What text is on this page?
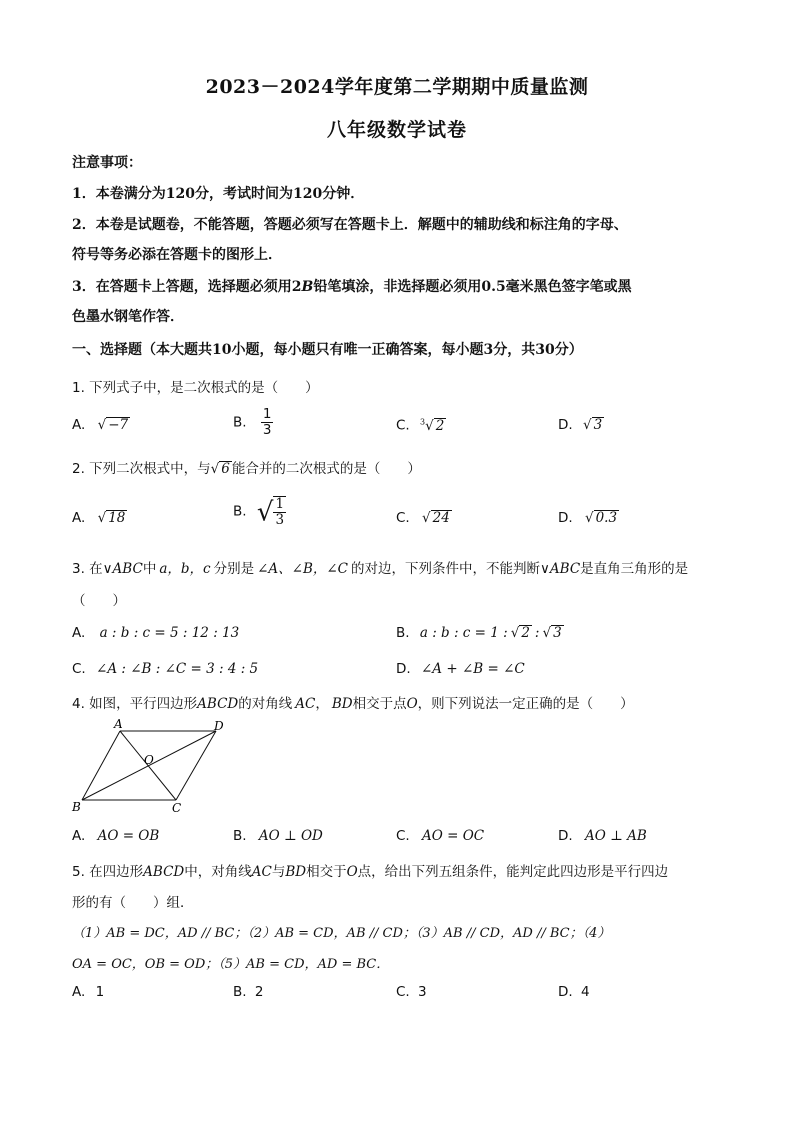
2023－2024学年度第二学期期中质量监测
八年级数学试卷
注意事项：
1．本卷满分为120分，考试时间为120分钟．
2．本卷是试题卷，不能答题，答题必须写在答题卡上．解题中的辅助线和标注角的字母、
符号等务必添在答题卡的图形上．
3．在答题卡上答题，选择题必须用2B铅笔填涂，非选择题必须用0.5毫米黑色签字笔或黑
色墨水钢笔作答．
一、选择题（本大题共10小题，每小题只有唯一正确答案，每小题3分，共30分）
1. 下列式子中，是二次根式的是（　　）
A. √ −7	B. $\frac{1}{3}$	C. $^3$√ 2	D. √ 3
2. 下列二次根式中，与√ 6 能合并的二次根式的是（　　）
A. √ 18	B. √ $\frac{1}{3}$	C. √ 24	D. √ 0.3
3. 在∨ABC中 a，b，c 分别是 ∠A、∠B，∠C 的对边，下列条件中，不能判断∨ABC是直角三角形的是
（　　）
A. a : b : c = 5 : 12 : 13	B. a : b : c = 1 : √ 2 : √ 3
C. ∠A : ∠B : ∠C = 3 : 4 : 5	D. ∠A + ∠B = ∠C
4. 如图，平行四边形ABCD的对角线 AC， BD相交于点O，则下列说法一定正确的是（　　）
A	D
B	C
O
A. AO = OB	B. AO ⊥ OD	C. AO = OC	D. AO ⊥ AB
5. 在四边形ABCD中，对角线AC与BD相交于O点，给出下列五组条件，能判定此四边形是平行四边
形的有（　　）组．
（1）AB = DC，AD // BC；（2）AB = CD，AB // CD；（3）AB // CD，AD // BC；（4）
OA = OC，OB = OD；（5）AB = CD，AD = BC．
A. 1	B. 2	C. 3	D. 4
